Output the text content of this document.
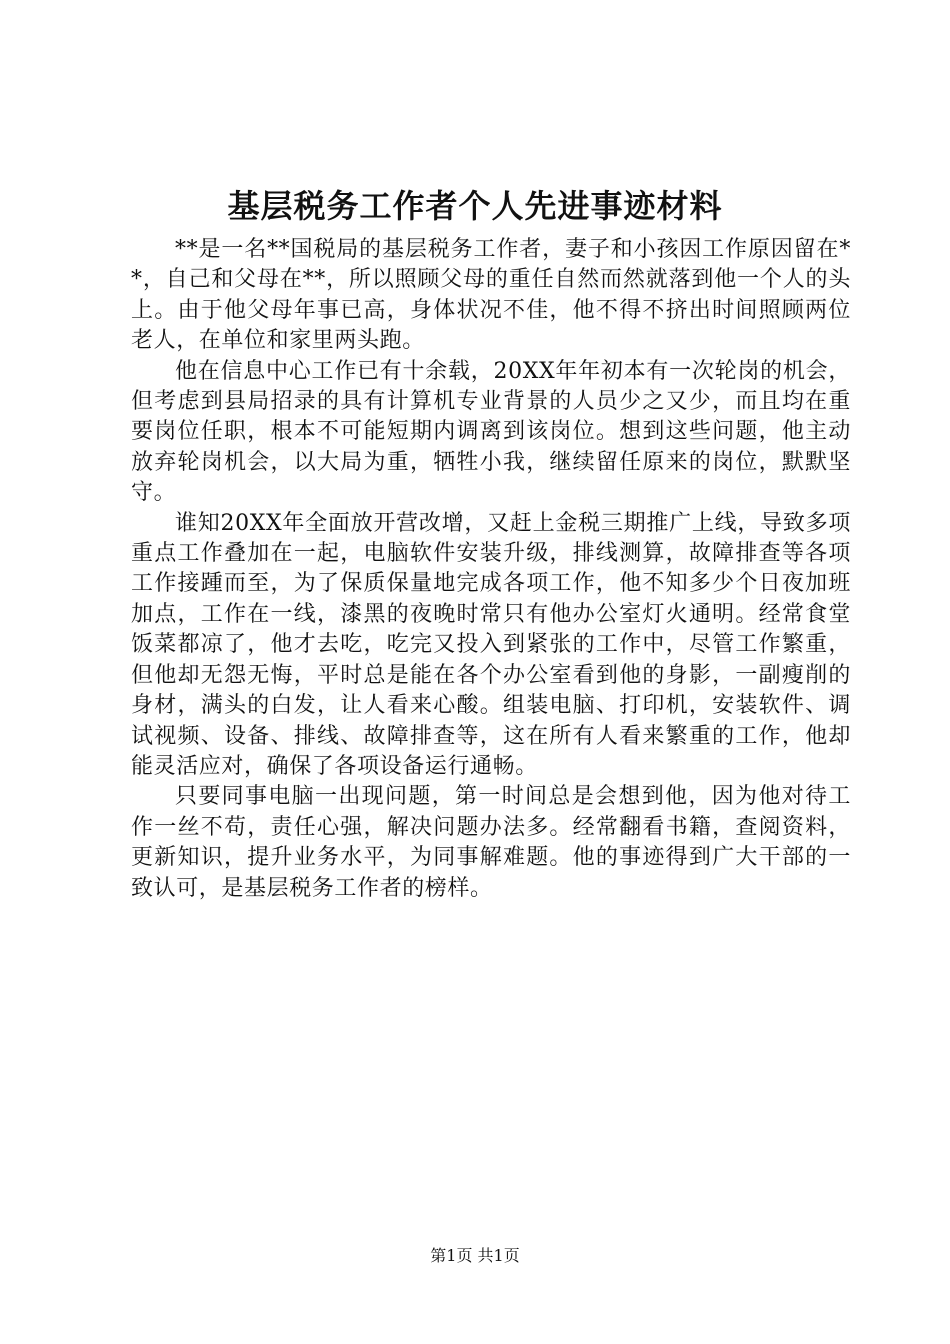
基层税务工作者个人先进事迹材料

**是一名**国税局的基层税务工作者，妻子和小孩因工作原因留在**，自己和父母在**，所以照顾父母的重任自然而然就落到他一个人的头上。由于他父母年事已高，身体状况不佳，他不得不挤出时间照顾两位老人，在单位和家里两头跑。

他在信息中心工作已有十余载，20XX年年初本有一次轮岗的机会，但考虑到县局招录的具有计算机专业背景的人员少之又少，而且均在重要岗位任职，根本不可能短期内调离到该岗位。想到这些问题，他主动放弃轮岗机会，以大局为重，牺牲小我，继续留任原来的岗位，默默坚守。

谁知20XX年全面放开营改增，又赶上金税三期推广上线，导致多项重点工作叠加在一起，电脑软件安装升级，排线测算，故障排查等各项工作接踵而至，为了保质保量地完成各项工作，他不知多少个日夜加班加点，工作在一线，漆黑的夜晚时常只有他办公室灯火通明。经常食堂饭菜都凉了，他才去吃，吃完又投入到紧张的工作中，尽管工作繁重，但他却无怨无悔，平时总是能在各个办公室看到他的身影，一副瘦削的身材，满头的白发，让人看来心酸。组装电脑、打印机，安装软件、调试视频、设备、排线、故障排查等，这在所有人看来繁重的工作，他却能灵活应对，确保了各项设备运行通畅。

只要同事电脑一出现问题，第一时间总是会想到他，因为他对待工作一丝不苟，责任心强，解决问题办法多。经常翻看书籍，查阅资料，更新知识，提升业务水平，为同事解难题。他的事迹得到广大干部的一致认可，是基层税务工作者的榜样。

第1页 共1页
